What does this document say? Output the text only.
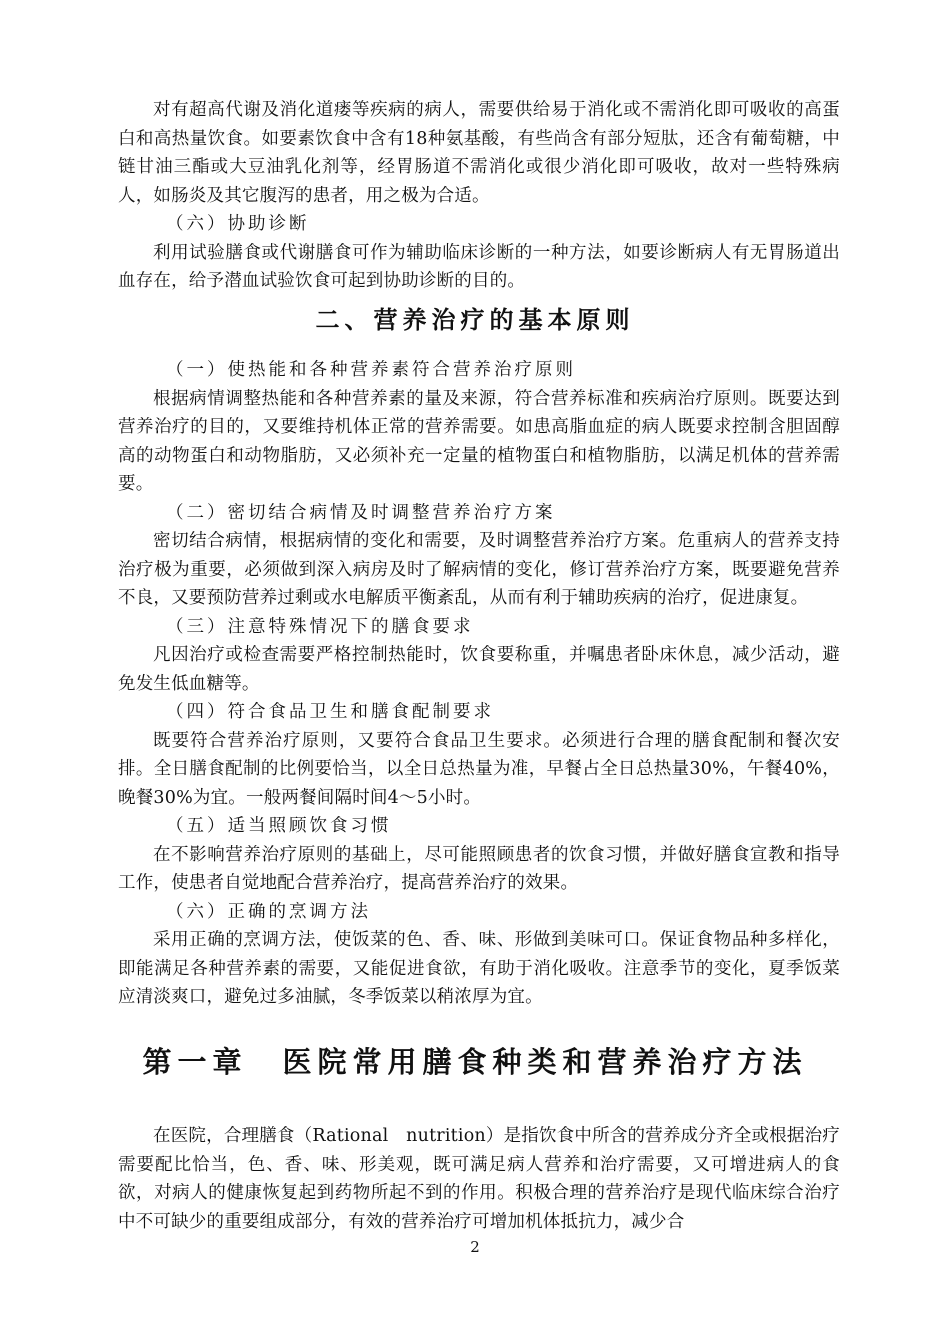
对有超高代谢及消化道瘘等疾病的病人，需要供给易于消化或不需消化即可吸收的高蛋白和高热量饮食。如要素饮食中含有18种氨基酸，有些尚含有部分短肽，还含有葡萄糖，中链甘油三酯或大豆油乳化剂等，经胃肠道不需消化或很少消化即可吸收，故对一些特殊病人，如肠炎及其它腹泻的患者，用之极为合适。

（六）协助诊断

利用试验膳食或代谢膳食可作为辅助临床诊断的一种方法，如要诊断病人有无胃肠道出血存在，给予潜血试验饮食可起到协助诊断的目的。

二、营养治疗的基本原则

（一）使热能和各种营养素符合营养治疗原则

根据病情调整热能和各种营养素的量及来源，符合营养标准和疾病治疗原则。既要达到营养治疗的目的，又要维持机体正常的营养需要。如患高脂血症的病人既要求控制含胆固醇高的动物蛋白和动物脂肪，又必须补充一定量的植物蛋白和植物脂肪，以满足机体的营养需要。

（二）密切结合病情及时调整营养治疗方案

密切结合病情，根据病情的变化和需要，及时调整营养治疗方案。危重病人的营养支持治疗极为重要，必须做到深入病房及时了解病情的变化，修订营养治疗方案，既要避免营养不良，又要预防营养过剩或水电解质平衡紊乱，从而有利于辅助疾病的治疗，促进康复。

（三）注意特殊情况下的膳食要求

凡因治疗或检查需要严格控制热能时，饮食要称重，并嘱患者卧床休息，减少活动，避免发生低血糖等。

（四）符合食品卫生和膳食配制要求

既要符合营养治疗原则，又要符合食品卫生要求。必须进行合理的膳食配制和餐次安排。全日膳食配制的比例要恰当，以全日总热量为准，早餐占全日总热量30%，午餐40%，晚餐30%为宜。一般两餐间隔时间4～5小时。

（五）适当照顾饮食习惯

在不影响营养治疗原则的基础上，尽可能照顾患者的饮食习惯，并做好膳食宣教和指导工作，使患者自觉地配合营养治疗，提高营养治疗的效果。

（六）正确的烹调方法

采用正确的烹调方法，使饭菜的色、香、味、形做到美味可口。保证食物品种多样化，即能满足各种营养素的需要，又能促进食欲，有助于消化吸收。注意季节的变化，夏季饭菜应清淡爽口，避免过多油腻，冬季饭菜以稍浓厚为宜。

第一章　医院常用膳食种类和营养治疗方法

在医院，合理膳食（Rational　nutrition）是指饮食中所含的营养成分齐全或根据治疗需要配比恰当，色、香、味、形美观，既可满足病人营养和治疗需要，又可增进病人的食欲，对病人的健康恢复起到药物所起不到的作用。积极合理的营养治疗是现代临床综合治疗中不可缺少的重要组成部分，有效的营养治疗可增加机体抵抗力，减少合

2
